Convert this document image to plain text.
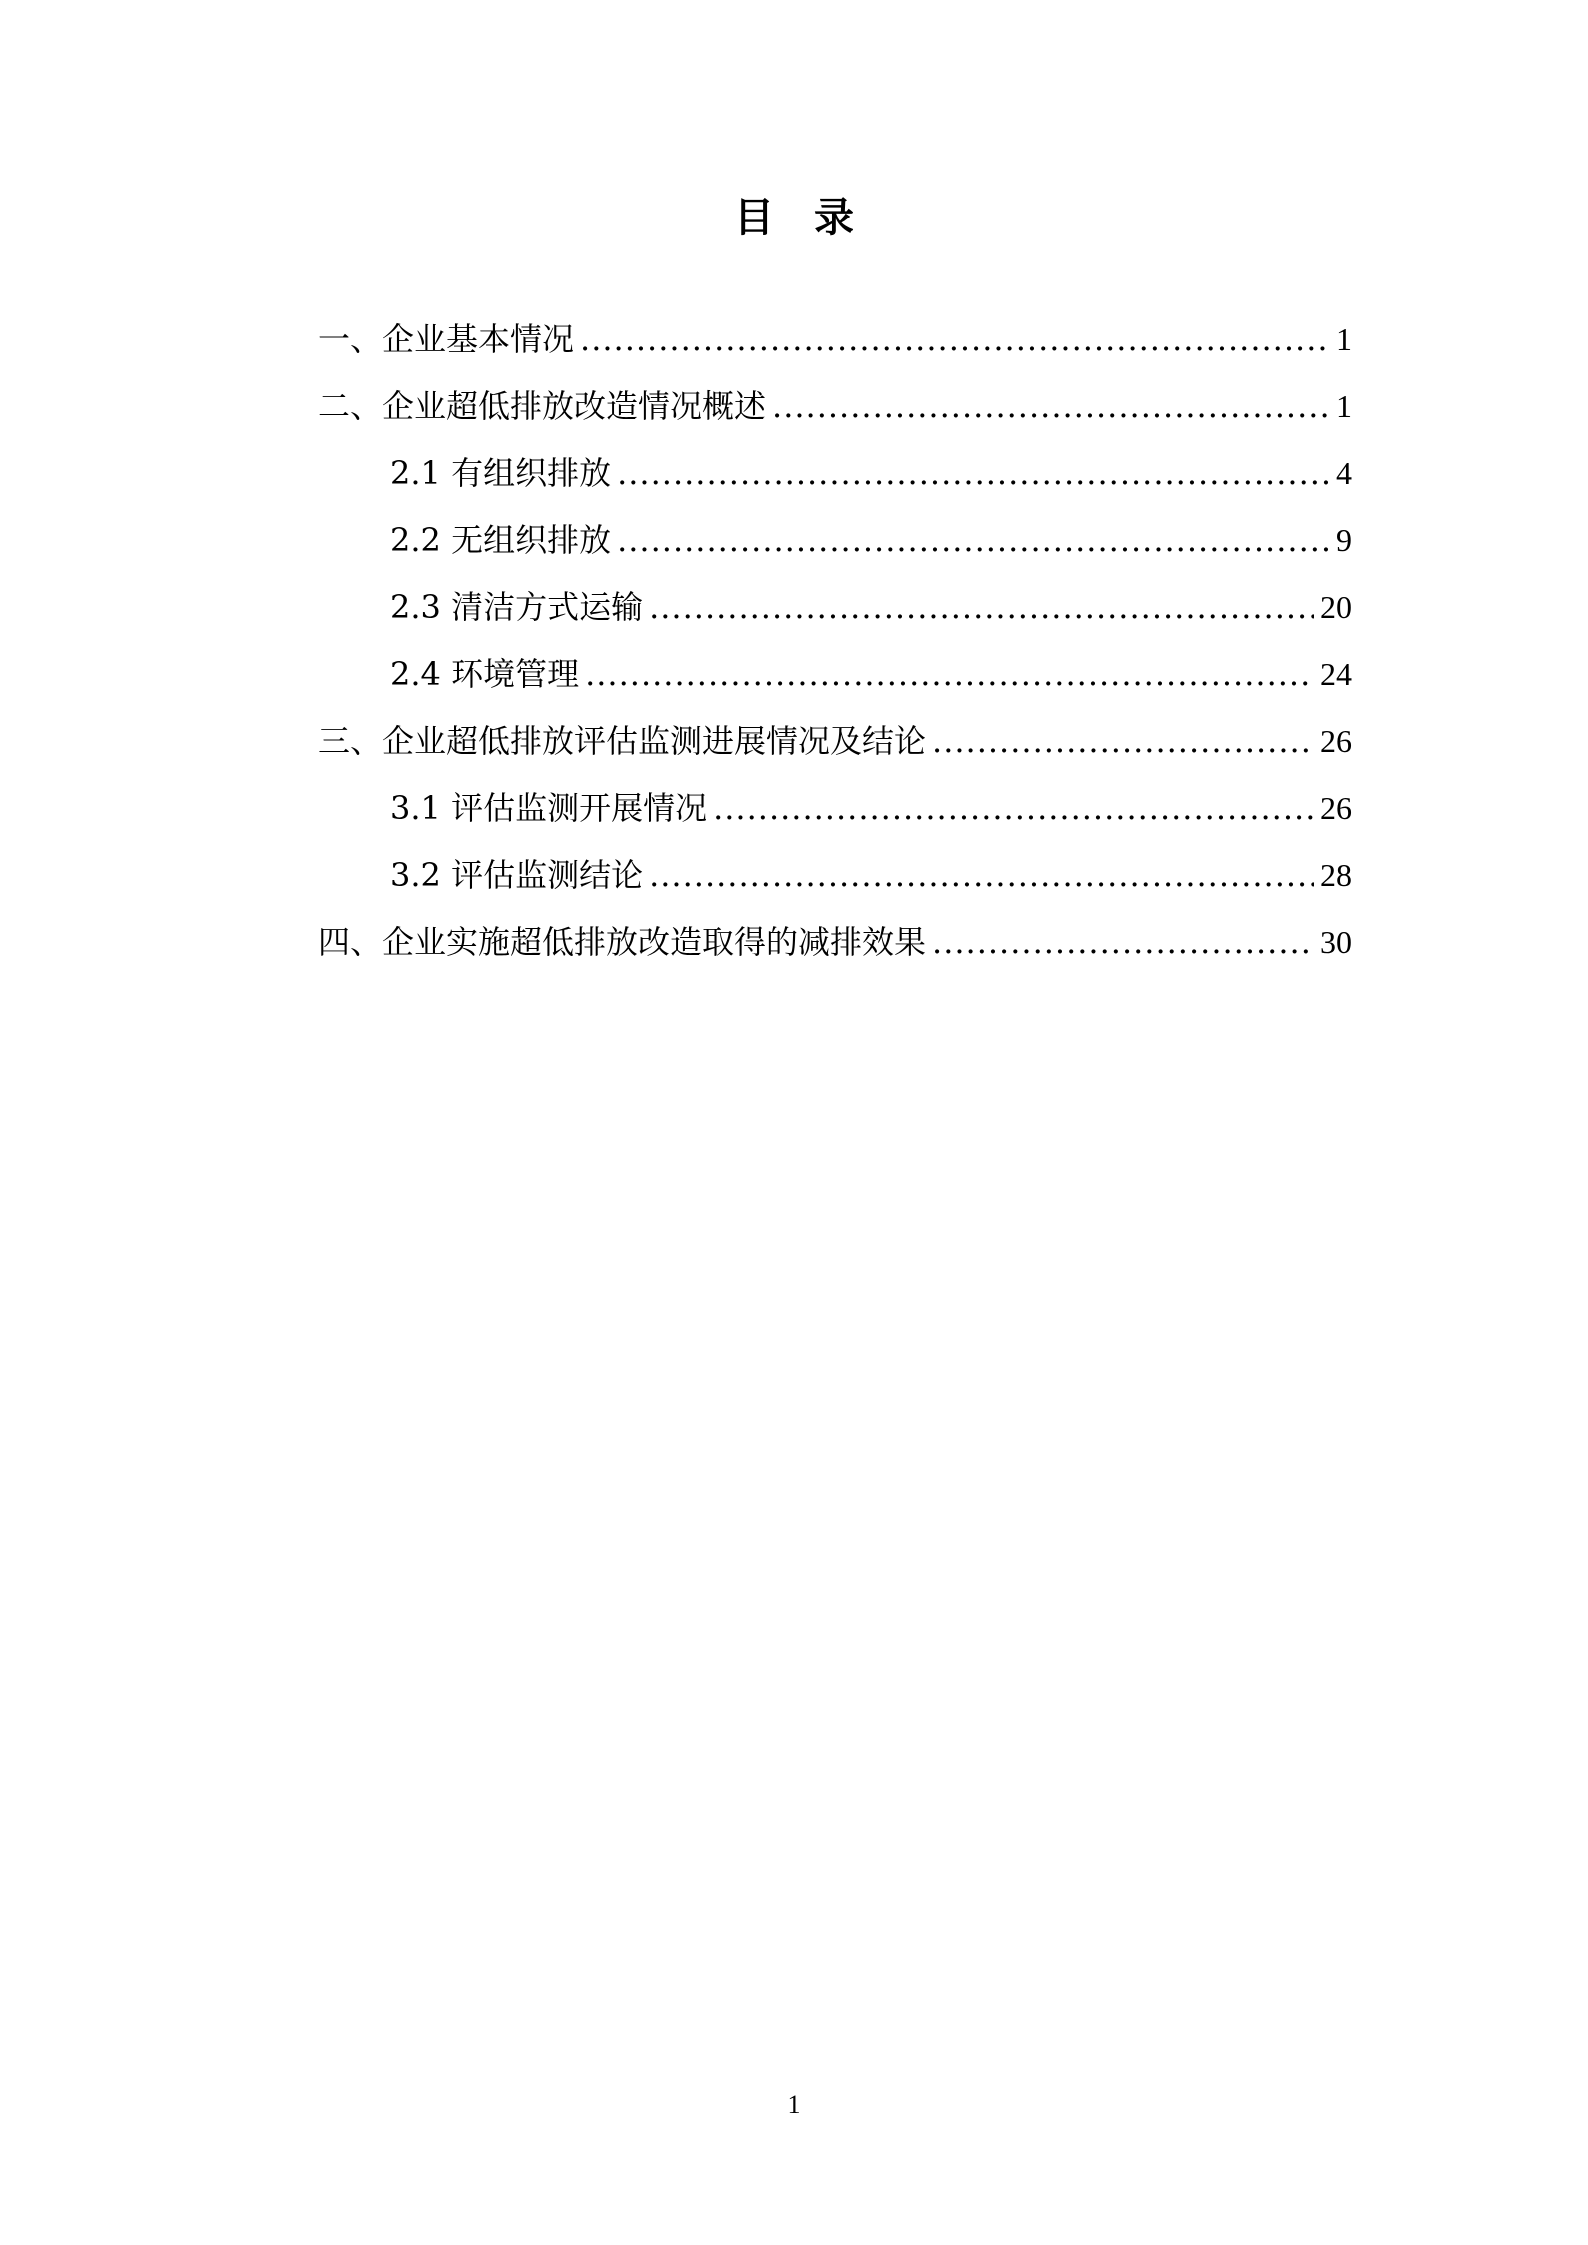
目录
一、企业基本情况 .....	1
二、企业超低排放改造情况概述 .....	1
2.1 有组织排放 .....	4
2.2 无组织排放 .....	9
2.3 清洁方式运输 .....	20
2.4 环境管理 .....	24
三、企业超低排放评估监测进展情况及结论 .....	26
3.1 评估监测开展情况 .....	26
3.2 评估监测结论 .....	28
四、企业实施超低排放改造取得的减排效果 .....	30
1
